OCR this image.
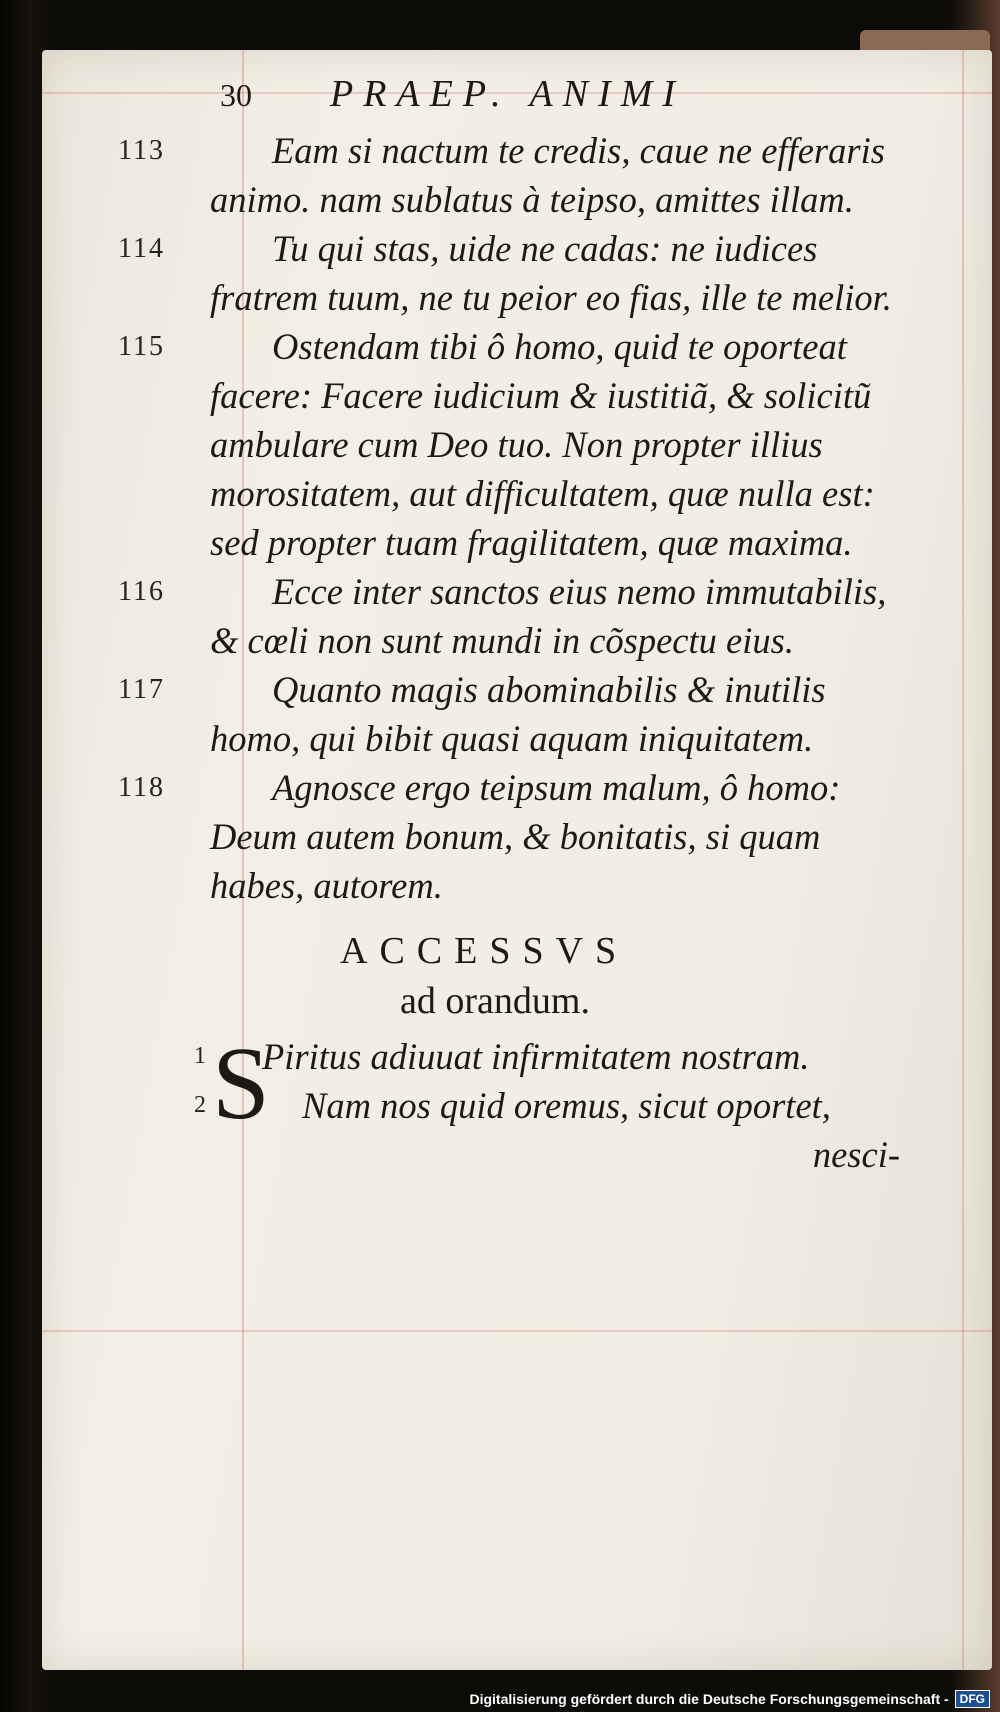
30	PRAEP. ANIMI

113	Eam si nactum te credis, caue ne efferaris animo. nam sublatus à teipso, amittes illam.

114	Tu qui stas, uide ne cadas: ne iudices fratrem tuum, ne tu peior eo fias, ille te melior.

115	Ostendam tibi ô homo, quid te oporteat facere: Facere iudicium & iustitiã, & solicitũ ambulare cum Deo tuo. Non propter illius morositatem, aut difficultatem, quæ nulla est: sed propter tuam fragilitatem, quæ maxima.

116	Ecce inter sanctos eius nemo immutabilis, & cœli non sunt mundi in cõspectu eius.

117	Quanto magis abominabilis & inutilis homo, qui bibit quasi aquam iniquitatem.

118	Agnosce ergo teipsum malum, ô homo: Deum autem bonum, & bonitatis, si quam habes, autorem.

ACCESSVS
ad orandum.
S
1 Piritus adiuuat infirmitatem nostram.
2	Nam nos quid oremus, sicut oportet,
nesci-
Digitalisierung gefördert durch die Deutsche Forschungsgemeinschaft - DFG
